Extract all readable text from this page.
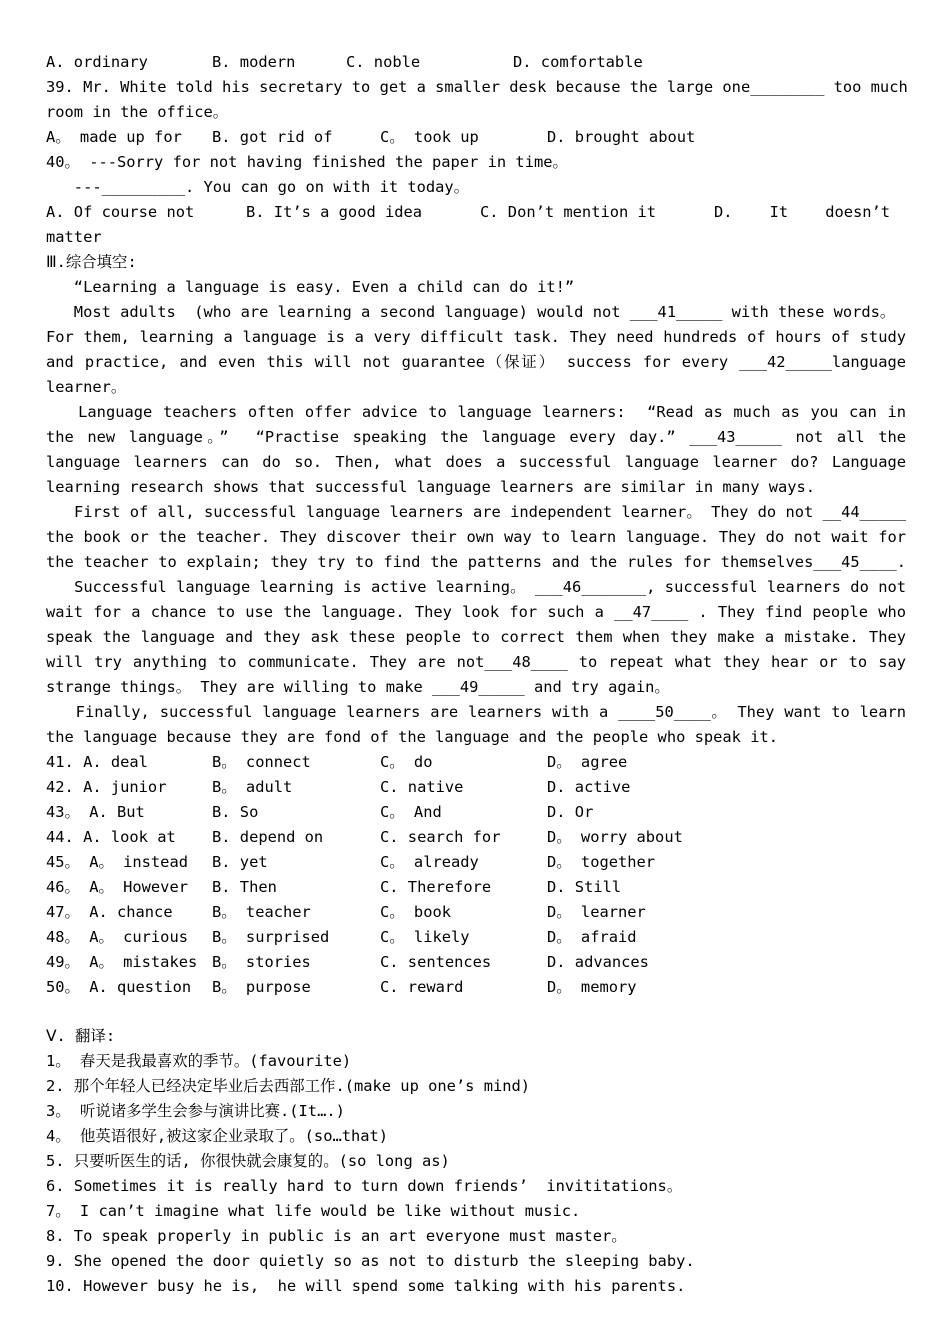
A. ordinary

	B. modern

	C. noble

	D. comfortable

39. Mr. White told his secretary to get a smaller desk because the large one________ too much
room in the office。

A。 made up for

B. got rid of

	C。 took up

	D. brought about

40。 ---Sorry for not having finished the paper in time。
---_________. You can go on with it today。

A. Of course not

	B. It’s a good idea

	C. Don’t mention it

	D.    It    doesn’t

matter
Ⅲ.综合填空:
“Learning a language is easy. Even a child can do it!”
Most adults  (who are learning a second language) would not ___41_____ with these words。
For them, learning a language is a very difficult task. They need hundreds of hours of study
and practice, and even this will not guarantee（保证） success for every ___42_____language
learner。
Language teachers often offer advice to language learners:  “Read as much as you can in
the new language。”  “Practise speaking the language every day.” ___43_____ not all the
language learners can do so. Then, what does a successful language learner do? Language
learning research shows that successful language learners are similar in many ways.
First of all, successful language learners are independent learner。 They do not __44_____
the book or the teacher. They discover their own way to learn language. They do not wait for
the teacher to explain; they try to find the patterns and the rules for themselves___45____.
Successful language learning is active learning。 ___46_______, successful learners do not
wait for a chance to use the language. They look for such a __47____ . They find people who
speak the language and they ask these people to correct them when they make a mistake. They
will try anything to communicate. They are not___48____ to repeat what they hear or to say
strange things。 They are willing to make ___49_____ and try again。
Finally, successful language learners are learners with a ____50____。 They want to learn
the language because they are fond of the language and the people who speak it.
41. A. deal	B。 connect	C。 do	D。 agree
42. A. junior	B。 adult	C. native	D. active
43。 A. But	B. So	C。 And	D. Or
44. A. look at B. depend on	C. search for	D。 worry about
45。 A。 instead B. yet	C。 already	D。 together
46。 A。 However B. Then	C. Therefore	D. Still
47。 A. chance	B。 teacher	C。 book	D。 learner
48。 A。 curious B。 surprised	C。 likely	D。 afraid
49。 A。 mistakes B。 stories	C. sentences	D. advances
50。 A. question B。 purpose	C. reward	D。 memory
Ⅴ. 翻译:
1。 春天是我最喜欢的季节。(favourite)
2. 那个年轻人已经决定毕业后去西部工作.(make up one’s mind)
3。 听说诸多学生会参与演讲比赛.(It….)
4。 他英语很好,被这家企业录取了。(so…that)
5. 只要听医生的话, 你很快就会康复的。(so long as)
6. Sometimes it is really hard to turn down friends’  invititations。
7。 I can’t imagine what life would be like without music.
8. To speak properly in public is an art everyone must master。
9. She opened the door quietly so as not to disturb the sleeping baby.
10. However busy he is,  he will spend some talking with his parents.
